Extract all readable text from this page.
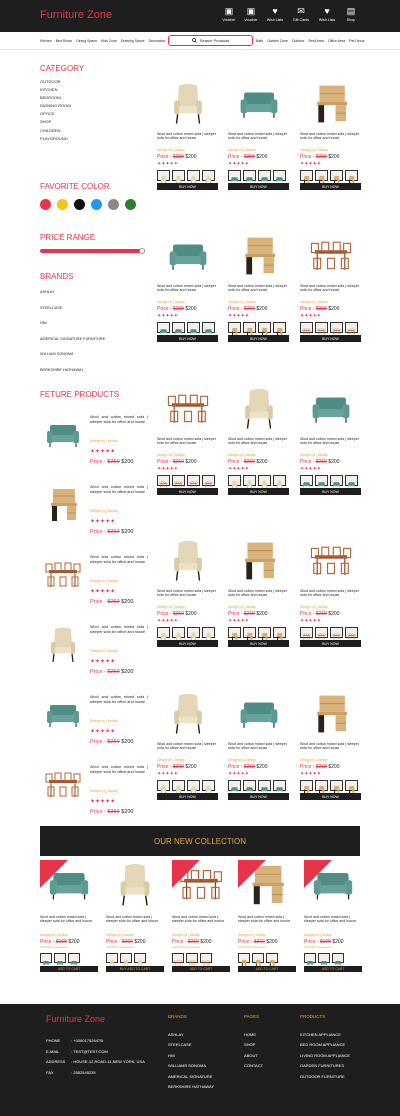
Furniture Zone	▣
Voucher
▣
Voucher
♥
Wish Lists
✉
Gift Cards
♥
Wish Lists
▤
Shop
Kitchen Bed Room Dining Space Kids Zone Drawing Space Decoration	Search Products	Bath Garden Zone Outdoor Rest Area Office Area Pet Decor
CATEGORY
OUTDOOR
KITCHEN
BEDROOM
DIGNING ROOM
OFFICE
SHOP
CHILDREN
PLAYGROUND
FAVORITE COLOR
PRICE RANGE
BRANDS
ASHLAY
STEELCASE
HNI
AMERICAL SIGNATURE FURNITURE
WILLIAM SONOMA
BERKSHIRE HATHAWAY
FETURE PRODUCTS
Wool and cotton mixed sofa | sleeper sofa for office and house
Design by | Ashlay
✦✦✦✦✦
Price - $260 $200
Wool and cotton mixed sofa | sleeper sofa for office and house
Design by | Ashlay
✦✦✦✦✦
Price - $260 $200
Wool and cotton mixed sofa | sleeper sofa for office and house
Design by | Ashlay
✦✦✦✦✦
Price - $260 $200
Wool and cotton mixed sofa | sleeper sofa for office and house
Design by | Ashlay
✦✦✦✦✦
Price - $260 $200
Wool and cotton mixed sofa | sleeper sofa for office and house
Design by | Ashlay
✦✦✦✦✦
Price - $260 $200
Wool and cotton mixed sofa | sleeper sofa for office and house
Design by | Ashlay
✦✦✦✦✦
Price - $260 $200
Wool and cotton mixed sofa | sleeper sofa for office and house
Design by | Ashlay
Price - $260 $200
✦✦✦✦✦
BUY NOW
Wool and cotton mixed sofa | sleeper sofa for office and house
Design by | Ashlay
Price - $260 $200
✦✦✦✦✦
BUY NOW
Wool and cotton mixed sofa | sleeper sofa for office and house
Design by | Ashlay
Price - $260 $200
✦✦✦✦✦
BUY NOW
Wool and cotton mixed sofa | sleeper sofa for office and house
Design by | Ashlay
Price - $260 $200
✦✦✦✦✦
BUY NOW
Wool and cotton mixed sofa | sleeper sofa for office and house
Design by | Ashlay
Price - $260 $200
✦✦✦✦✦
BUY NOW
Wool and cotton mixed sofa | sleeper sofa for office and house
Design by | Ashlay
Price - $260 $200
✦✦✦✦✦
BUY NOW
Wool and cotton mixed sofa | sleeper sofa for office and house
Design by | Ashlay
Price - $260 $200
✦✦✦✦✦
BUY NOW
Wool and cotton mixed sofa | sleeper sofa for office and house
Design by | Ashlay
Price - $260 $200
✦✦✦✦✦
BUY NOW
Wool and cotton mixed sofa | sleeper sofa for office and house
Design by | Ashlay
Price - $260 $200
✦✦✦✦✦
BUY NOW
Wool and cotton mixed sofa | sleeper sofa for office and house
Design by | Ashlay
Price - $260 $200
✦✦✦✦✦
BUY NOW
Wool and cotton mixed sofa | sleeper sofa for office and house
Design by | Ashlay
Price - $260 $200
✦✦✦✦✦
BUY NOW
Wool and cotton mixed sofa | sleeper sofa for office and house
Design by | Ashlay
Price - $260 $200
✦✦✦✦✦
BUY NOW
Wool and cotton mixed sofa | sleeper sofa for office and house
Design by | Ashlay
Price - $260 $200
✦✦✦✦✦
BUY NOW
Wool and cotton mixed sofa | sleeper sofa for office and house
Design by | Ashlay
Price - $260 $200
✦✦✦✦✦
BUY NOW
Wool and cotton mixed sofa | sleeper sofa for office and house
Design by | Ashlay
Price - $260 $200
✦✦✦✦✦
BUY NOW
OUR NEW COLLECTION
Wool and cotton mixed sofa | sleeper sofa for office and house
Design by | Ashlay
Price - $260 $200
Gold Fill for Accessories
ADD TO CART
Wool and cotton mixed sofa | sleeper sofa for office and house
Design by | Ashlay
Price - $260 $200
Gold Fill for Accessories
BUY ADD TO CART
Wool and cotton mixed sofa | sleeper sofa for office and house
Design by | Ashlay
Price - $260 $200
Gold Fill for Accessories
ADD TO CART
Wool and cotton mixed sofa | sleeper sofa for office and house
Design by | Ashlay
Price - $260 $200
Gold Fill for Accessories
ADD TO CART
Wool and cotton mixed sofa | sleeper sofa for office and house
Design by | Ashlay
Price - $260 $200
Gold Fill for Accessories
ADD TO CART
Furniture Zone
PHONE : +008017526475l
E-MAIL	: TEST@TEST.COM
ADDRESS : HOUSE-12,ROAD-11,NEW YORK, USA
FAX	: 2552545235
BRANDS
ASHLAY
STEELCASE
HNI
WILLIAMS SONOMA
AMERICAL SIGNATURE
BERKSHIRE HATHAWAY
PAGES
HOME
SHOP
ABOUT
CONTACT
PRODUCTS
KITCHEN APPLIANCE
BED ROOM APPLIANCE
LIVING ROOM APPLIANCE
GARDEN FURNITURES
OUTDOOR FURNITURE
